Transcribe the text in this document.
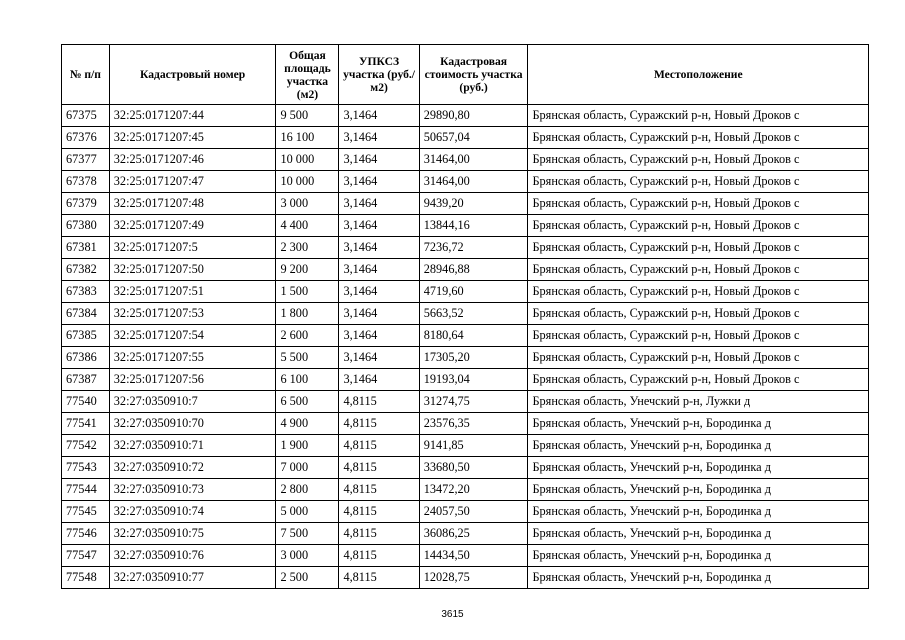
№ п/п	Кадастровый номер	Общая площадь участка (м2)	УПКСЗ участка (руб./м2)	Кадастровая стоимость участка (руб.)	Местоположение
67375	32:25:0171207:44	9 500	3,1464	29890,80	Брянская область, Суражский р-н, Новый Дроков с
67376	32:25:0171207:45	16 100	3,1464	50657,04	Брянская область, Суражский р-н, Новый Дроков с
67377	32:25:0171207:46	10 000	3,1464	31464,00	Брянская область, Суражский р-н, Новый Дроков с
67378	32:25:0171207:47	10 000	3,1464	31464,00	Брянская область, Суражский р-н, Новый Дроков с
67379	32:25:0171207:48	3 000	3,1464	9439,20	Брянская область, Суражский р-н, Новый Дроков с
67380	32:25:0171207:49	4 400	3,1464	13844,16	Брянская область, Суражский р-н, Новый Дроков с
67381	32:25:0171207:5	2 300	3,1464	7236,72	Брянская область, Суражский р-н, Новый Дроков с
67382	32:25:0171207:50	9 200	3,1464	28946,88	Брянская область, Суражский р-н, Новый Дроков с
67383	32:25:0171207:51	1 500	3,1464	4719,60	Брянская область, Суражский р-н, Новый Дроков с
67384	32:25:0171207:53	1 800	3,1464	5663,52	Брянская область, Суражский р-н, Новый Дроков с
67385	32:25:0171207:54	2 600	3,1464	8180,64	Брянская область, Суражский р-н, Новый Дроков с
67386	32:25:0171207:55	5 500	3,1464	17305,20	Брянская область, Суражский р-н, Новый Дроков с
67387	32:25:0171207:56	6 100	3,1464	19193,04	Брянская область, Суражский р-н, Новый Дроков с
77540	32:27:0350910:7	6 500	4,8115	31274,75	Брянская область, Унечский р-н, Лужки д
77541	32:27:0350910:70	4 900	4,8115	23576,35	Брянская область, Унечский р-н, Бородинка д
77542	32:27:0350910:71	1 900	4,8115	9141,85	Брянская область, Унечский р-н, Бородинка д
77543	32:27:0350910:72	7 000	4,8115	33680,50	Брянская область, Унечский р-н, Бородинка д
77544	32:27:0350910:73	2 800	4,8115	13472,20	Брянская область, Унечский р-н, Бородинка д
77545	32:27:0350910:74	5 000	4,8115	24057,50	Брянская область, Унечский р-н, Бородинка д
77546	32:27:0350910:75	7 500	4,8115	36086,25	Брянская область, Унечский р-н, Бородинка д
77547	32:27:0350910:76	3 000	4,8115	14434,50	Брянская область, Унечский р-н, Бородинка д
77548	32:27:0350910:77	2 500	4,8115	12028,75	Брянская область, Унечский р-н, Бородинка д
3615
